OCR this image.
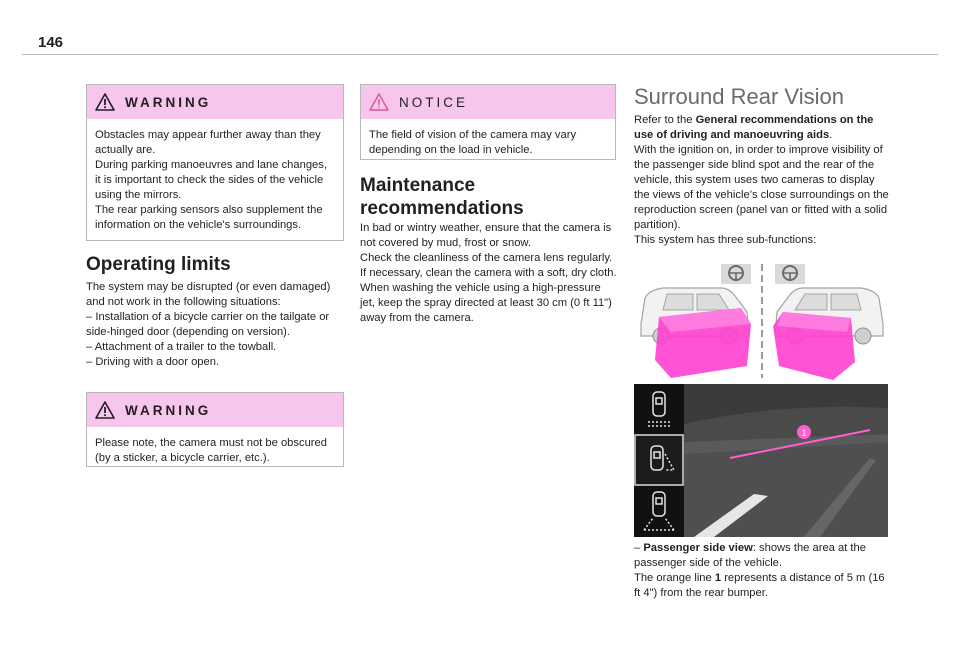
146
WARNING
Obstacles may appear further away than they actually are.
During parking manoeuvres and lane changes, it is important to check the sides of the vehicle using the mirrors.
The rear parking sensors also supplement the information on the vehicle's surroundings.
Operating limits
The system may be disrupted (or even damaged) and not work in the following situations:
– Installation of a bicycle carrier on the tailgate or side-hinged door (depending on version).
– Attachment of a trailer to the towball.
– Driving with a door open.
WARNING
Please note, the camera must not be obscured (by a sticker, a bicycle carrier, etc.).
NOTICE
The field of vision of the camera may vary depending on the load in vehicle.
Maintenance
recommendations
In bad or wintry weather, ensure that the camera is not covered by mud, frost or snow.
Check the cleanliness of the camera lens regularly.
If necessary, clean the camera with a soft, dry cloth.
When washing the vehicle using a high-pressure jet, keep the spray directed at least 30 cm (0 ft 11") away from the camera.
Surround Rear Vision
Refer to the General recommendations on the use of driving and manoeuvring aids.
With the ignition on, in order to improve visibility of the passenger side blind spot and the rear of the vehicle, this system uses two cameras to display the views of the vehicle’s close surroundings on the reproduction screen (panel van or fitted with a solid partition).
This system has three sub-functions:
1
– Passenger side view: shows the area at the passenger side of the vehicle.
The orange line 1 represents a distance of 5 m (16 ft 4") from the rear bumper.
